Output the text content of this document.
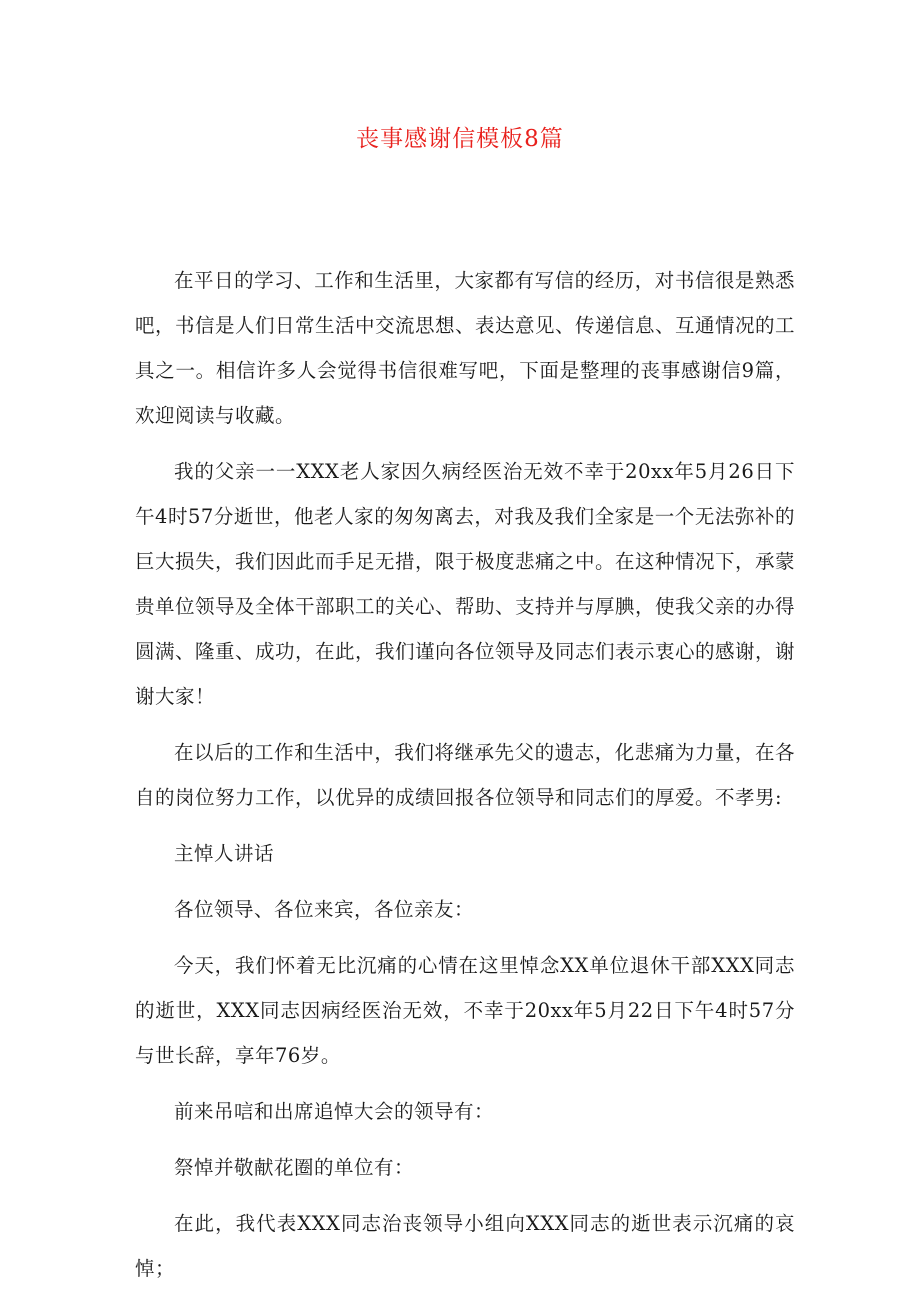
丧事感谢信模板8篇

在平日的学习、工作和生活里，大家都有写信的经历，对书信很是熟悉吧，书信是人们日常生活中交流思想、表达意见、传递信息、互通情况的工具之一。相信许多人会觉得书信很难写吧，下面是整理的丧事感谢信9篇，欢迎阅读与收藏。

我的父亲一一XXX老人家因久病经医治无效不幸于20xx年5月26日下午4时57分逝世，他老人家的匆匆离去，对我及我们全家是一个无法弥补的巨大损失，我们因此而手足无措，限于极度悲痛之中。在这种情况下，承蒙贵单位领导及全体干部职工的关心、帮助、支持并与厚腆，使我父亲的办得圆满、隆重、成功，在此，我们谨向各位领导及同志们表示衷心的感谢，谢谢大家！

在以后的工作和生活中，我们将继承先父的遗志，化悲痛为力量，在各自的岗位努力工作，以优异的成绩回报各位领导和同志们的厚爱。不孝男:

主悼人讲话

各位领导、各位来宾，各位亲友：

今天，我们怀着无比沉痛的心情在这里悼念XX单位退休干部XXX同志的逝世，XXX同志因病经医治无效，不幸于20xx年5月22日下午4时57分与世长辞，享年76岁。

前来吊唁和出席追悼大会的领导有：

祭悼并敬献花圈的单位有：

在此，我代表XXX同志治丧领导小组向XXX同志的逝世表示沉痛的哀悼；
